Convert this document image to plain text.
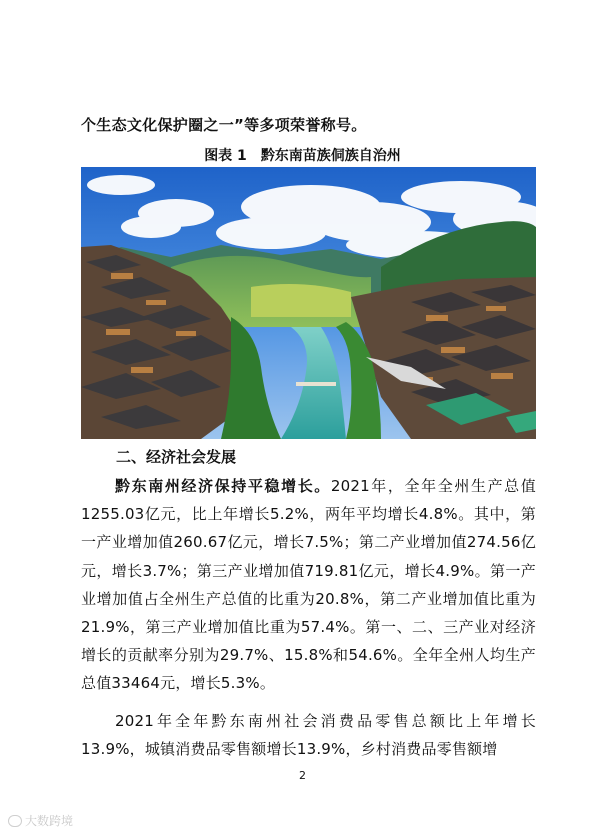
个生态文化保护圈之一”等多项荣誉称号。
图表 1 黔东南苗族侗族自治州
二、经济社会发展
黔东南州经济保持平稳增长。2021年，全年全州生产总值1255.03亿元，比上年增长5.2%，两年平均增长4.8%。其中，第一产业增加值260.67亿元，增长7.5%；第二产业增加值274.56亿元，增长3.7%；第三产业增加值719.81亿元，增长4.9%。第一产业增加值占全州生产总值的比重为20.8%，第二产业增加值比重为21.9%，第三产业增加值比重为57.4%。第一、二、三产业对经济增长的贡献率分别为29.7%、15.8%和54.6%。全年全州人均生产总值33464元，增长5.3%。
2021年全年黔东南州社会消费品零售总额比上年增长13.9%，城镇消费品零售额增长13.9%，乡村消费品零售额增
2
大数跨境
